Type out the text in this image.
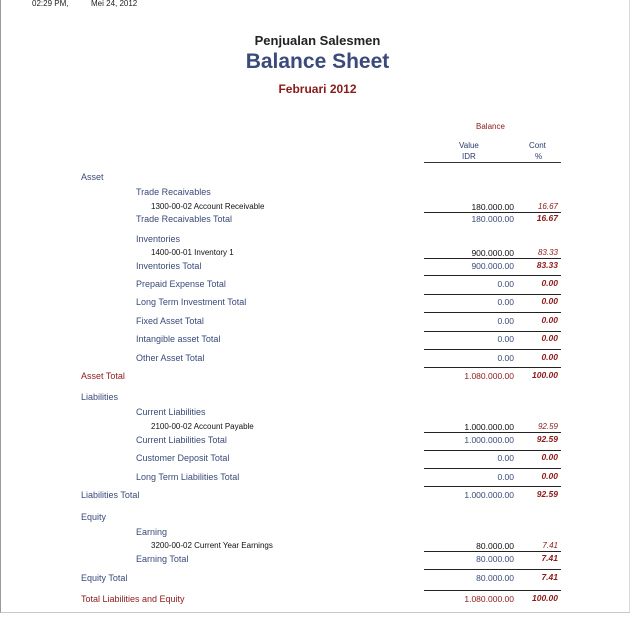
02:29 PM,	Mei 24, 2012
Penjualan Salesmen
Balance Sheet
Februari 2012
Balance
Value
IDR
Cont
%
Asset
Trade Recaivables
1300-00-02 Account Receivable	180.000.00	16.67
Trade Recaivables Total	180.000.00	16.67
Inventories
1400-00-01 Inventory 1	900.000.00	83.33
Inventories Total	900.000.00	83.33
Prepaid Expense Total	0.00	0.00
Long Term Investment Total	0.00	0.00
Fixed Asset Total	0.00	0.00
Intangible asset Total	0.00	0.00
Other Asset Total	0.00	0.00
Asset Total	1.080.000.00	100.00
Liabilities
Current Liabilities
2100-00-02 Account Payable	1.000.000.00	92.59
Current Liabilities Total	1.000.000.00	92.59
Customer Deposit Total	0.00	0.00
Long Term Liabilities Total	0.00	0.00
Liabilities Total	1.000.000.00	92.59
Equity
Earning
3200-00-02 Current Year Earnings	80.000.00	7.41
Earning Total	80.000.00	7.41
Equity Total	80.000.00	7.41
Total Liabilities and Equity	1.080.000.00	100.00
